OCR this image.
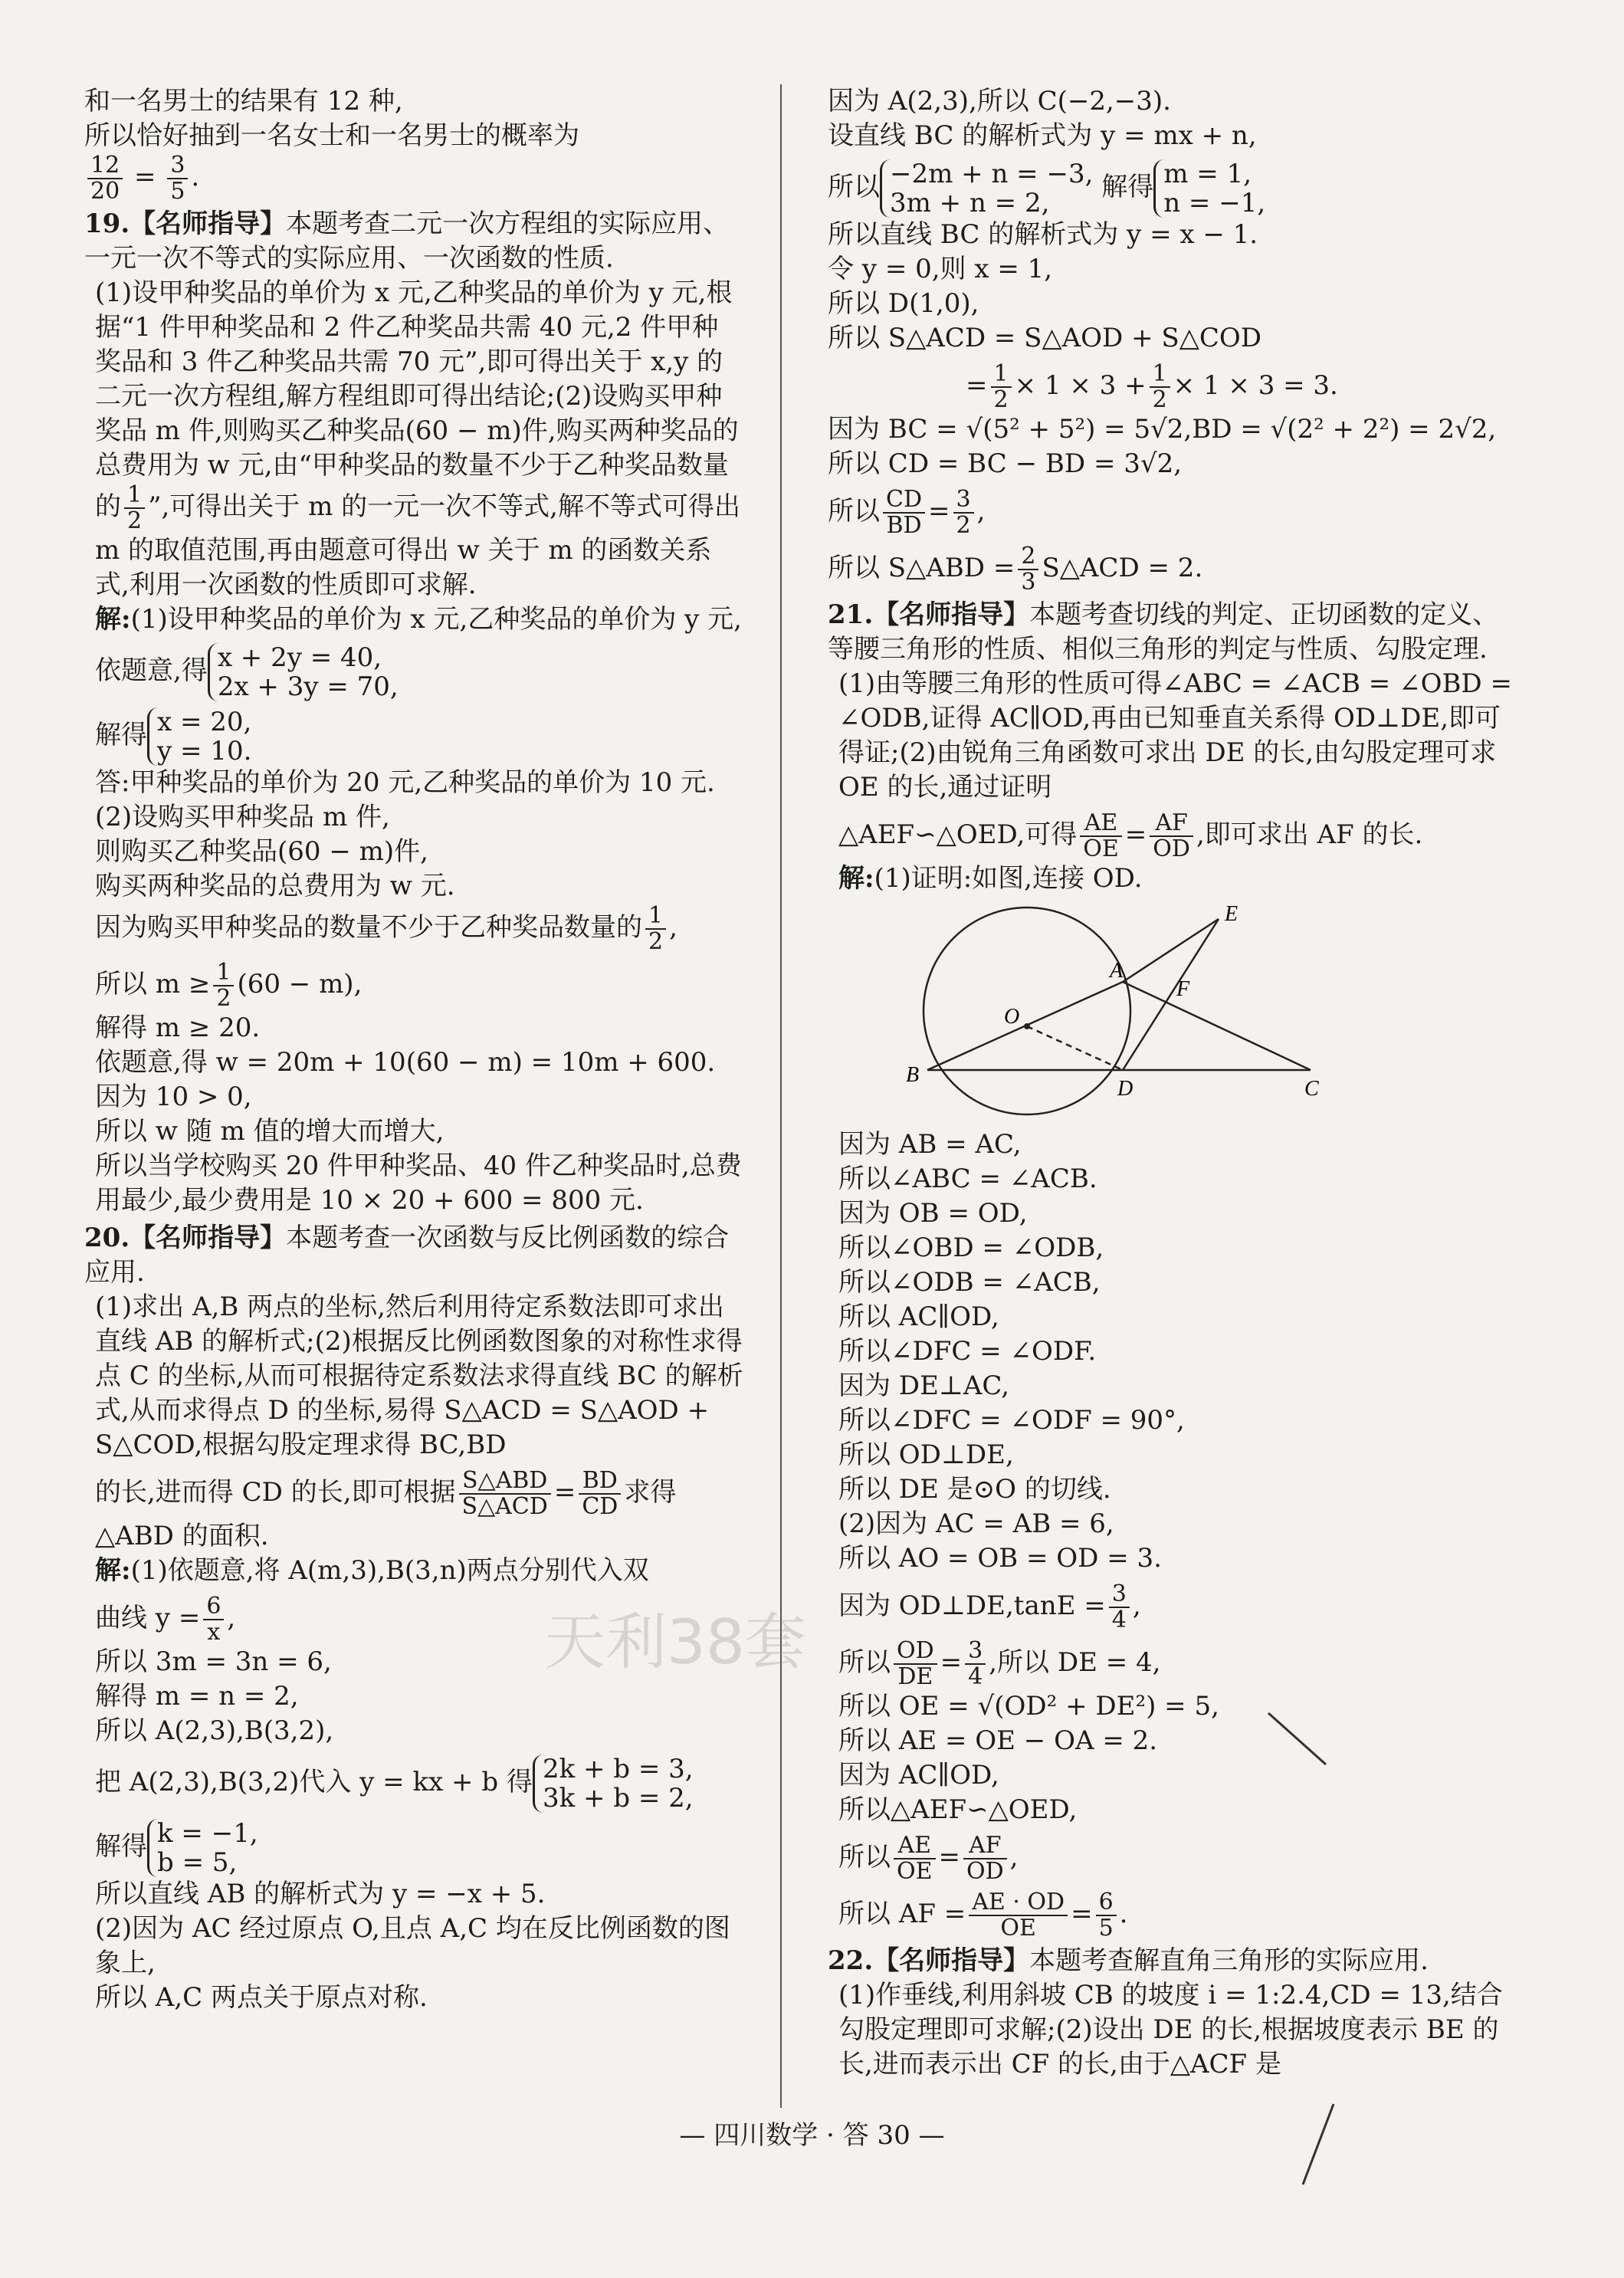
和一名男士的结果有 12 种,

所以恰好抽到一名女士和一名男士的概率为

$\frac{12}{20} = \frac{3}{5}$ .

19.【名师指导】本题考查二元一次方程组的实际应用、一元一次不等式的实际应用、一次函数的性质.

(1)设甲种奖品的单价为 x 元,乙种奖品的单价为 y 元,根据“1 件甲种奖品和 2 件乙种奖品共需 40 元,2 件甲种奖品和 3 件乙种奖品共需 70 元”,即可得出关于 x,y 的二元一次方程组,解方程组即可得出结论;(2)设购买甲种奖品 m 件,则购买乙种奖品(60 − m)件,购买两种奖品的总费用为 w 元,由“甲种奖品的数量不少于乙种奖品数量的 $\frac{1}{2}$ ”,可得出关于 m 的一元一次不等式,解不等式可得出 m 的取值范围,再由题意可得出 w 关于 m 的函数关系式,利用一次函数的性质即可求解.

解:(1)设甲种奖品的单价为 x 元,乙种奖品的单价为 y 元,

依题意,得 x + 2y = 40,
2x + 3y = 70,

解得 x = 20,
y = 10.

答:甲种奖品的单价为 20 元,乙种奖品的单价为 10 元.

(2)设购买甲种奖品 m 件,

则购买乙种奖品(60 − m)件,

购买两种奖品的总费用为 w 元.

因为购买甲种奖品的数量不少于乙种奖品数量的 $\frac{1}{2}$ ,

所以 $m \ge \frac{1}{2} (60 - m)$,

解得 m ≥ 20.

依题意,得 w = 20m + 10(60 − m) = 10m + 600.

因为 10 > 0,

所以 w 随 m 值的增大而增大,

所以当学校购买 20 件甲种奖品、40 件乙种奖品时,总费用最少,最少费用是 10 × 20 + 600 = 800 元.

20.【名师指导】本题考查一次函数与反比例函数的综合应用.

(1)求出 A,B 两点的坐标,然后利用待定系数法即可求出直线 AB 的解析式;(2)根据反比例函数图象的对称性求得点 C 的坐标,从而可根据待定系数法求得直线 BC 的解析式,从而求得点 D 的坐标,易得 S△ACD = S△AOD + S△COD,根据勾股定理求得 BC,BD

的长,进而得 CD 的长,即可根据 $\frac{\text{S△ABD}}{\text{S△ACD}} = \frac{BD}{CD}$ 求得

△ABD 的面积.

解:(1)依题意,将 A(m,3),B(3,n)两点分别代入双

曲线 $y = \frac{6}{x}$ ,

所以 3m = 3n = 6,

解得 m = n = 2,

所以 A(2,3),B(3,2),

把 A(2,3),B(3,2)代入 y = kx + b 得 2k + b = 3,
3k + b = 2,

解得 k = −1,
b = 5,

所以直线 AB 的解析式为 y = −x + 5.

(2)因为 AC 经过原点 O,且点 A,C 均在反比例函数的图象上,

所以 A,C 两点关于原点对称.

因为 A(2,3),所以 C(−2,−3).

设直线 BC 的解析式为 y = mx + n,

所以 −2m + n = −3,
3m + n = 2,
解得 m = 1,
n = −1,

所以直线 BC 的解析式为 y = x − 1.

令 y = 0,则 x = 1,

所以 D(1,0),

所以 S△ACD = S△AOD + S△COD

= $\frac{1}{2} \times 1 \times 3 + \frac{1}{2} \times 1 \times 3 = 3$.

因为 BC = √(5² + 5²) = 5√2,BD = √(2² + 2²) = 2√2,

所以 CD = BC − BD = 3√2,

所以 $\frac{CD}{BD} = \frac{3}{2}$ ,

所以 S△ABD = $\frac{2}{3}$ S△ACD = 2.

21.【名师指导】本题考查切线的判定、正切函数的定义、等腰三角形的性质、相似三角形的判定与性质、勾股定理.

(1)由等腰三角形的性质可得∠ABC = ∠ACB = ∠OBD = ∠ODB,证得 AC∥OD,再由已知垂直关系得 OD⊥DE,即可得证;(2)由锐角三角函数可求出 DE 的长,由勾股定理可求 OE 的长,通过证明

△AEF∽△OED,可得 $\frac{AE}{OE} = \frac{AF}{OD}$ ,即可求出 AF 的长.

解:(1)证明:如图,连接 OD.

E
A
F
O
B
D	C

因为 AB = AC,

所以∠ABC = ∠ACB.

因为 OB = OD,

所以∠OBD = ∠ODB,

所以∠ODB = ∠ACB,

所以 AC∥OD,

所以∠DFC = ∠ODF.

因为 DE⊥AC,

所以∠DFC = ∠ODF = 90°,

所以 OD⊥DE,

所以 DE 是⊙O 的切线.

(2)因为 AC = AB = 6,

所以 AO = OB = OD = 3.

因为 OD⊥DE,tanE = $\frac{3}{4}$ ,

所以 $\frac{OD}{DE} = \frac{3}{4}$ ,所以 DE = 4,

所以 OE = √(OD² + DE²) = 5,

所以 AE = OE − OA = 2.

因为 AC∥OD,

所以△AEF∽△OED,

所以 $\frac{AE}{OE} = \frac{AF}{OD}$ ,

所以 AF = $\frac{AE \cdot OD}{OE} = \frac{6}{5}$ .

22.【名师指导】本题考查解直角三角形的实际应用.

(1)作垂线,利用斜坡 CB 的坡度 i = 1:2.4,CD = 13,结合勾股定理即可求解;(2)设出 DE 的长,根据坡度表示 BE 的长,进而表示出 CF 的长,由于△ACF 是

— 四川数学 · 答 30 —
天利38套
